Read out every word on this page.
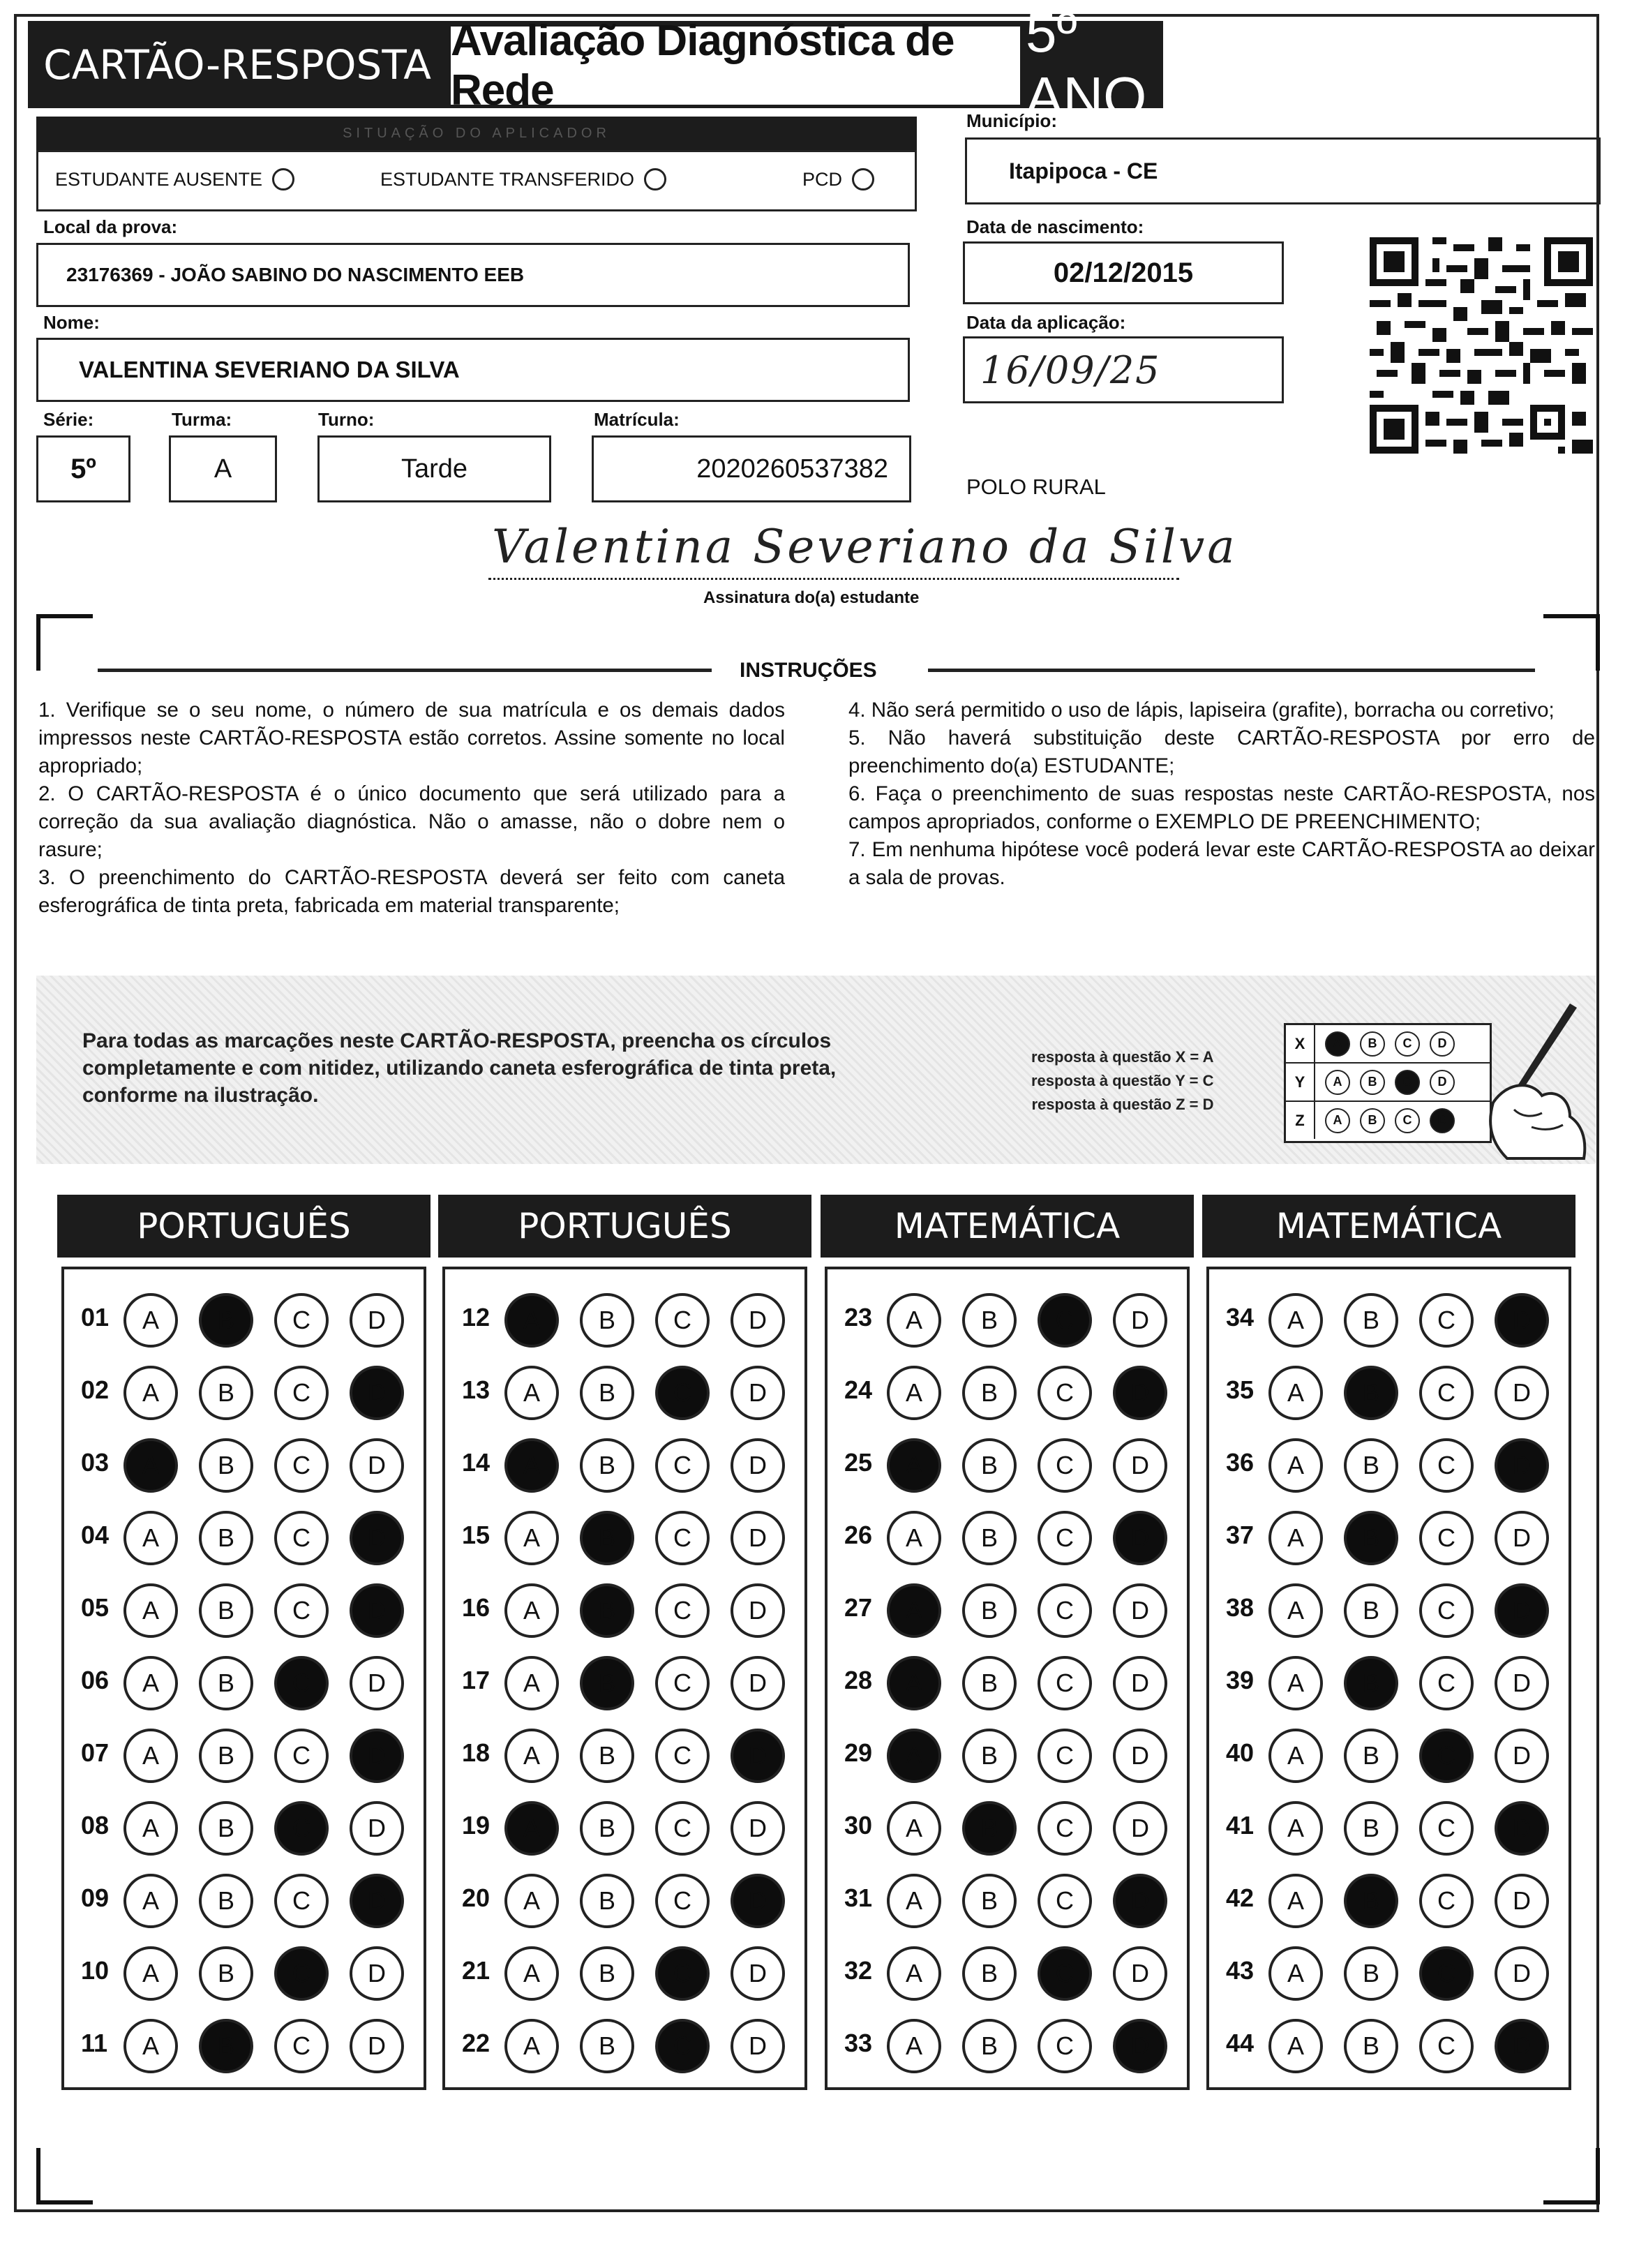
CARTÃO-RESPOSTA Avaliação Diagnóstica de Rede
5º ANO
SITUAÇÃO DO APLICADOR
ESTUDANTE AUSENTE	ESTUDANTE TRANSFERIDO	PCD
Município:
Itapipoca - CE
Local da prova:
23176369 - JOÃO SABINO DO NASCIMENTO EEB
Data de nascimento:
02/12/2015
Nome:
VALENTINA SEVERIANO DA SILVA
Data da aplicação:
16/09/25
Série:	Turma:	Turno:	Matrícula:
5º	A	Tarde	2020260537382
POLO RURAL
Valentina Severiano da Silva
Assinatura do(a) estudante
INSTRUÇÕES
1. Verifique se o seu nome, o número de sua matrícula e os demais dados impressos neste CARTÃO-RESPOSTA estão corretos. Assine somente no local apropriado;
2. O CARTÃO-RESPOSTA é o único documento que será utilizado para a correção da sua avaliação diagnóstica. Não o amasse, não o dobre nem o rasure;
3. O preenchimento do CARTÃO-RESPOSTA deverá ser feito com caneta esferográfica de tinta preta, fabricada em material transparente;
4. Não será permitido o uso de lápis, lapiseira (grafite), borracha ou corretivo;
5. Não haverá substituição deste CARTÃO-RESPOSTA por erro de preenchimento do(a) ESTUDANTE;
6. Faça o preenchimento de suas respostas neste CARTÃO-RESPOSTA, nos campos apropriados, conforme o EXEMPLO DE PREENCHIMENTO;
7. Em nenhuma hipótese você poderá levar este CARTÃO-RESPOSTA ao deixar a sala de provas.
Para todas as marcações neste CARTÃO-RESPOSTA, preencha os círculos completamente e com nitidez, utilizando caneta esferográfica de tinta preta, conforme na ilustração.
resposta à questão X = A
resposta à questão Y = C
resposta à questão Z = D
X	A	B	C	D
Y	A	B	C	D
Z	A	B	C	D
PORTUGUÊS
01	A	B	C	D
02	A	B	C	D
03	A	B	C	D
04	A	B	C	D
05	A	B	C	D
06	A	B	C	D
07	A	B	C	D
08	A	B	C	D
09	A	B	C	D
10	A	B	C	D
11	A	B	C	D
PORTUGUÊS
12	A	B	C	D
13	A	B	C	D
14	A	B	C	D
15	A	B	C	D
16	A	B	C	D
17	A	B	C	D
18	A	B	C	D
19	A	B	C	D
20	A	B	C	D
21	A	B	C	D
22	A	B	C	D
MATEMÁTICA
23	A	B	C	D
24	A	B	C	D
25	A	B	C	D
26	A	B	C	D
27	A	B	C	D
28	A	B	C	D
29	A	B	C	D
30	A	B	C	D
31	A	B	C	D
32	A	B	C	D
33	A	B	C	D
MATEMÁTICA
34	A	B	C	D
35	A	B	C	D
36	A	B	C	D
37	A	B	C	D
38	A	B	C	D
39	A	B	C	D
40	A	B	C	D
41	A	B	C	D
42	A	B	C	D
43	A	B	C	D
44	A	B	C	D
